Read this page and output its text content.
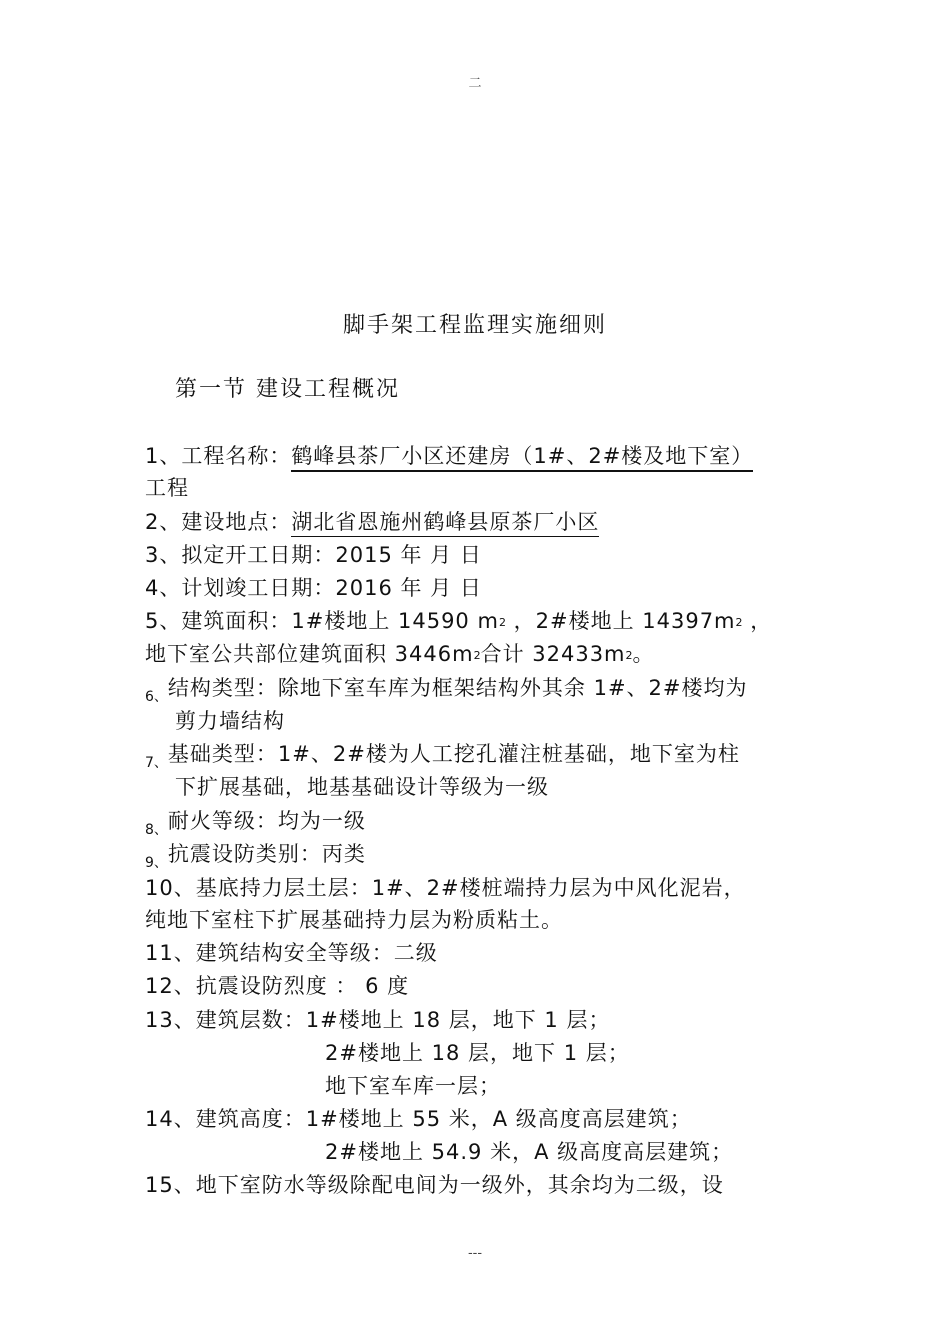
二
脚手架工程监理实施细则
第一节 建设工程概况
1、工程名称：鹤峰县茶厂小区还建房（1#、2#楼及地下室）
工程
2、建设地点：湖北省恩施州鹤峰县原茶厂小区
3、拟定开工日期：2015 年 月 日
4、计划竣工日期：2016 年 月 日
5、建筑面积：1#楼地上 14590 m2 ，2#楼地上 14397m2 ，
地下室公共部位建筑面积 3446m2合计 32433m2。
$_{6、}$结构类型：除地下室车库为框架结构外其余 1#、2#楼均为
剪力墙结构
$_{7、}$基础类型：1#、2#楼为人工挖孔灌注桩基础，地下室为柱
下扩展基础，地基基础设计等级为一级
$_{8、}$耐火等级：均为一级
$_{9、}$抗震设防类别：丙类
10、基底持力层土层：1#、2#楼桩端持力层为中风化泥岩，
纯地下室柱下扩展基础持力层为粉质粘土。
11、建筑结构安全等级：二级
12、抗震设防烈度 ： 6 度
13、建筑层数：1#楼地上 18 层，地下 1 层；
2#楼地上 18 层，地下 1 层；
地下室车库一层；
14、建筑高度：1#楼地上 55 米，A 级高度高层建筑；
2#楼地上 54.9 米，A 级高度高层建筑；
15、地下室防水等级除配电间为一级外，其余均为二级，设
---
